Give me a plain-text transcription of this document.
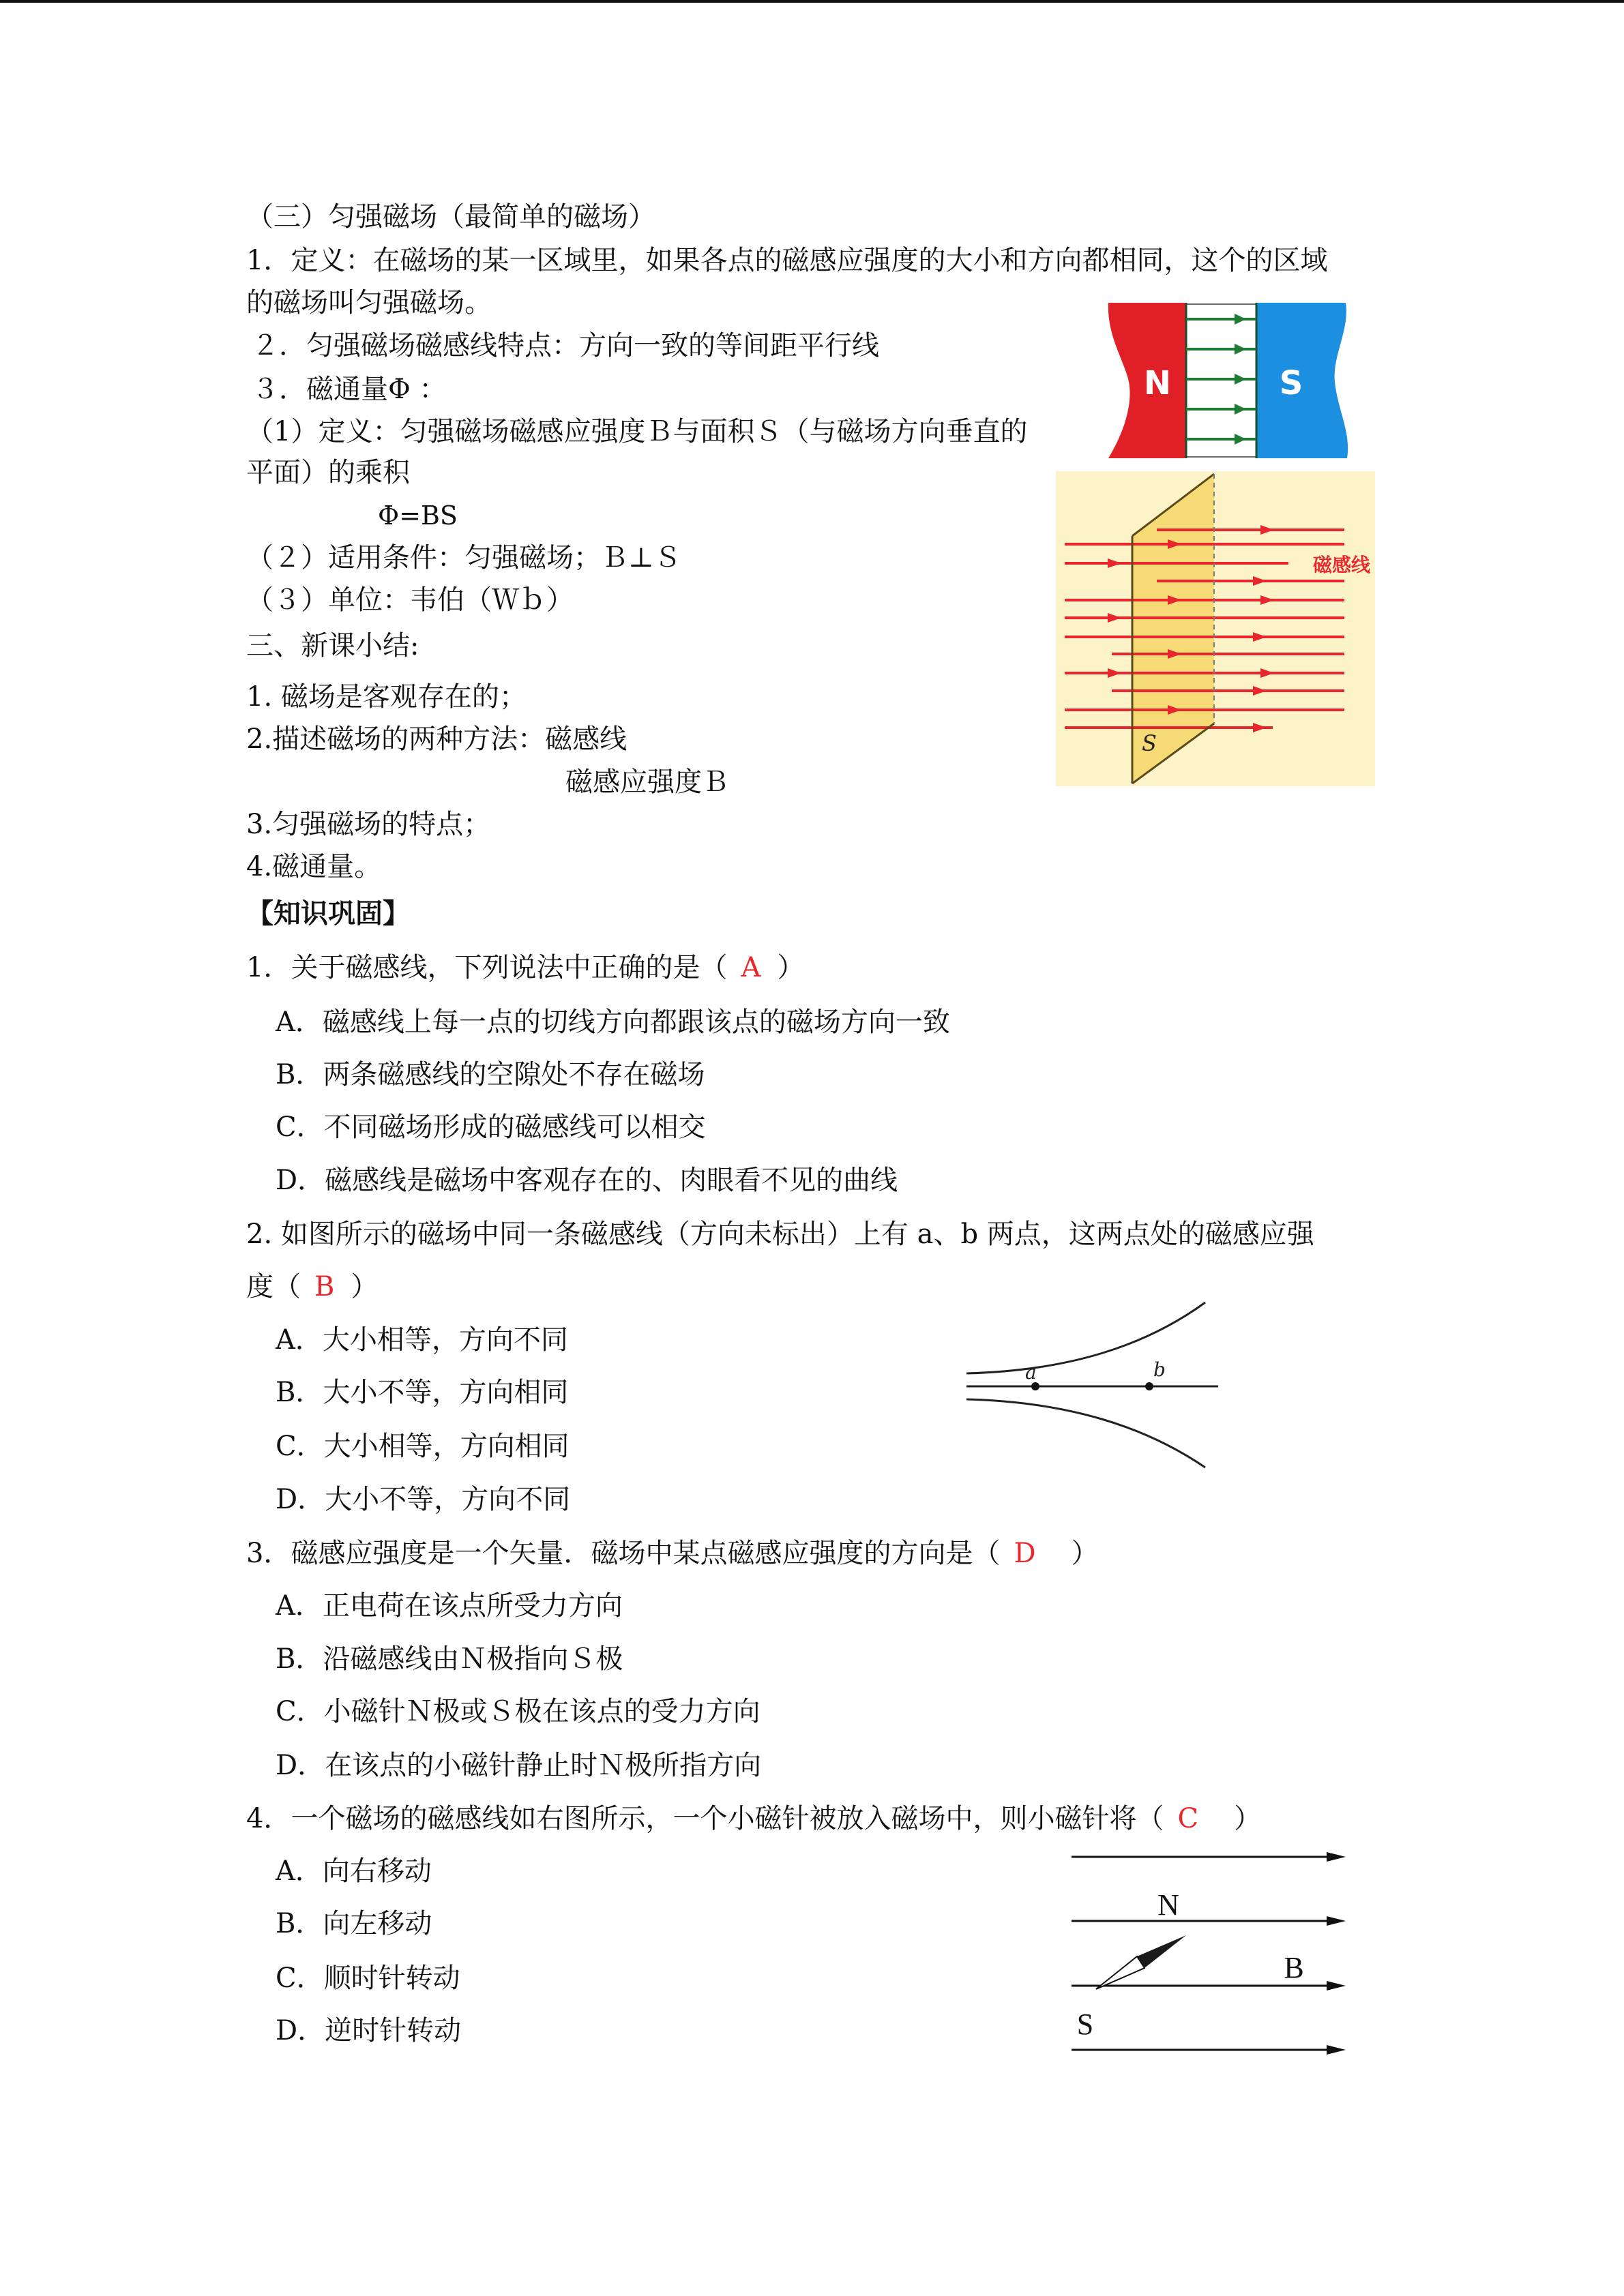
（三）匀强磁场（最简单的磁场）
1．定义：在磁场的某一区域里，如果各点的磁感应强度的大小和方向都相同，这个的区域
的磁场叫匀强磁场。
２．匀强磁场磁感线特点：方向一致的等间距平行线
３．磁通量Φ ：
（1）定义：匀强磁场磁感应强度Ｂ与面积Ｓ（与磁场方向垂直的
平面）的乘积
Φ=BS
（２）适用条件：匀强磁场；Ｂ⊥Ｓ
（３）单位：韦伯（Ｗｂ）
三、新课小结:
1. 磁场是客观存在的；
2.描述磁场的两种方法：磁感线
磁感应强度Ｂ
3.匀强磁场的特点；
4.磁通量。
【知识巩固】
1．关于磁感线，下列说法中正确的是（ A ）
A．磁感线上每一点的切线方向都跟该点的磁场方向一致
B．两条磁感线的空隙处不存在磁场
C．不同磁场形成的磁感线可以相交
D．磁感线是磁场中客观存在的、肉眼看不见的曲线
2. 如图所示的磁场中同一条磁感线（方向未标出）上有 a、b 两点，这两点处的磁感应强
度（ B ）
A．大小相等，方向不同
B．大小不等，方向相同
C．大小相等，方向相同
D．大小不等，方向不同
3．磁感应强度是一个矢量．磁场中某点磁感应强度的方向是（ D ）
A．正电荷在该点所受力方向
B．沿磁感线由Ｎ极指向Ｓ极
C．小磁针Ｎ极或Ｓ极在该点的受力方向
D．在该点的小磁针静止时Ｎ极所指方向
4．一个磁场的磁感线如右图所示，一个小磁针被放入磁场中，则小磁针将（ C ）
A．向右移动
B．向左移动
C．顺时针转动
D．逆时针转动
N	S
磁感线
S
a	b
N
B
S
